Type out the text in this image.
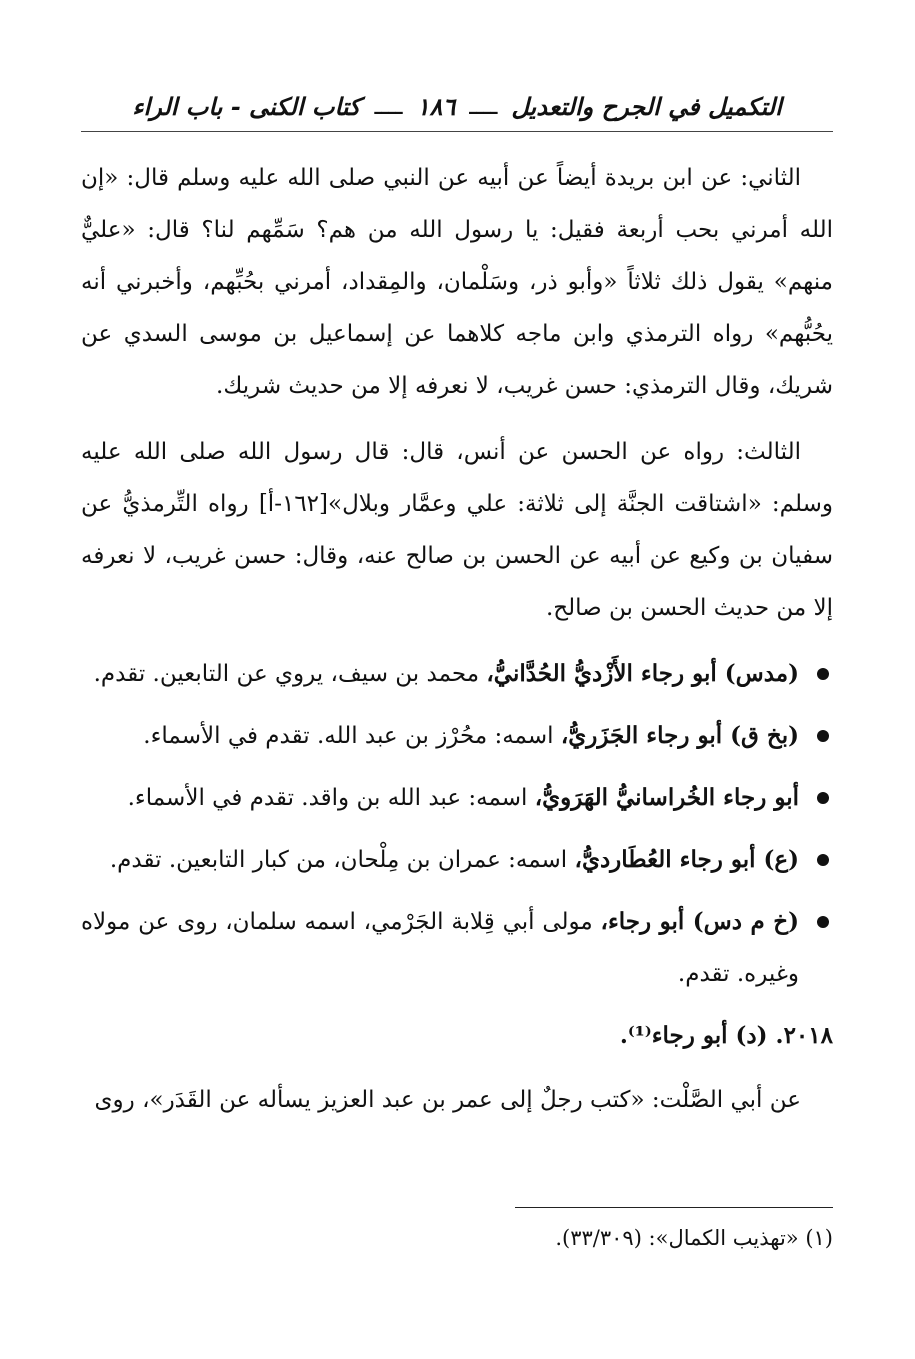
التكميل في الجرح والتعديل
ــــ
١٨٦
ــــ
كتاب الكنى - باب الراء

الثاني: عن ابن بريدة أيضاً عن أبيه عن النبي صلى الله عليه وسلم قال: «إن الله أمرني بحب أربعة فقيل: يا رسول الله من هم؟ سَمِّهم لنا؟ قال: «عليٌّ منهم» يقول ذلك ثلاثاً «وأبو ذر، وسَلْمان، والمِقداد، أمرني بحُبِّهم، وأخبرني أنه يحُبُّهم» رواه الترمذي وابن ماجه كلاهما عن إسماعيل بن موسى السدي عن شريك، وقال الترمذي: حسن غريب، لا نعرفه إلا من حديث شريك.

الثالث: رواه عن الحسن عن أنس، قال: قال رسول الله صلى الله عليه وسلم: «اشتاقت الجنَّة إلى ثلاثة: علي وعمَّار وبلال»[١٦٢-أ] رواه التِّرمذيُّ عن سفيان بن وكيع عن أبيه عن الحسن بن صالح عنه، وقال: حسن غريب، لا نعرفه إلا من حديث الحسن بن صالح.

(مدس) أبو رجاء الأَزْديُّ الحُدَّانيُّ، محمد بن سيف، يروي عن التابعين. تقدم.
(بخ ق) أبو رجاء الجَزَريُّ، اسمه: محُرْز بن عبد الله. تقدم في الأسماء.
أبو رجاء الخُراسانيُّ الهَرَويُّ، اسمه: عبد الله بن واقد. تقدم في الأسماء.
(ع) أبو رجاء العُطَارديُّ، اسمه: عمران بن مِلْحان، من كبار التابعين. تقدم.
(خ م دس) أبو رجاء، مولى أبي قِلابة الجَرْمي، اسمه سلمان، روى عن مولاه وغيره. تقدم.
٢٠١٨. (د) أبو رجاء⁽¹⁾.

عن أبي الصَّلْت: «كتب رجلٌ إلى عمر بن عبد العزيز يسأله عن القَدَر»، روى

(١) «تهذيب الكمال»: (٣٣/٣٠٩).
